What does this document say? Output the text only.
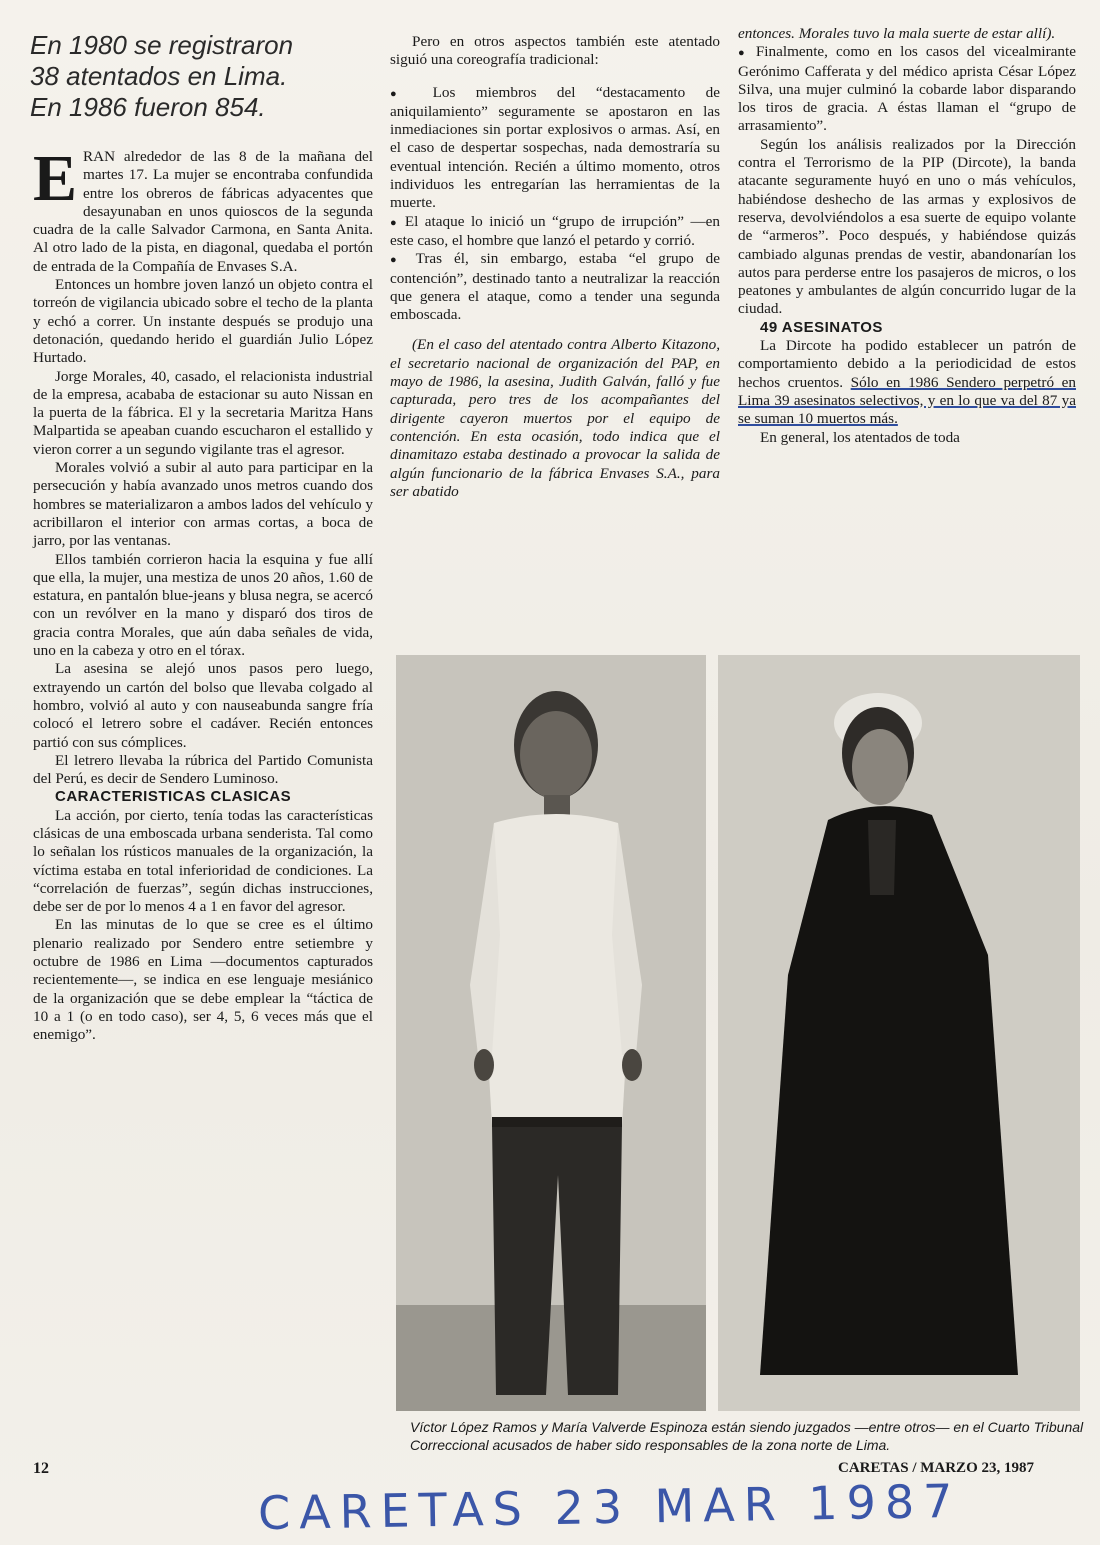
En 1980 se registraron
38 atentados en Lima.
En 1986 fueron 854.

ERAN alrededor de las 8 de la mañana del martes 17. La mujer se encontraba confundida entre los obreros de fábricas adyacentes que desayunaban en unos quioscos de la segunda cuadra de la calle Salvador Carmona, en Santa Anita. Al otro lado de la pista, en diagonal, quedaba el portón de entrada de la Compañía de Envases S.A.

Entonces un hombre joven lanzó un objeto contra el torreón de vigilancia ubicado sobre el techo de la planta y echó a correr. Un instante después se produjo una detonación, quedando herido el guardián Julio López Hurtado.

Jorge Morales, 40, casado, el relacionista industrial de la empresa, acababa de estacionar su auto Nissan en la puerta de la fábrica. El y la secretaria Maritza Hans Malpartida se apeaban cuando escucharon el estallido y vieron correr a un segundo vigilante tras el agresor.

Morales volvió a subir al auto para participar en la persecución y había avanzado unos metros cuando dos hombres se materializaron a ambos lados del vehículo y acribillaron el interior con armas cortas, a boca de jarro, por las ventanas.

Ellos también corrieron hacia la esquina y fue allí que ella, la mujer, una mestiza de unos 20 años, 1.60 de estatura, en pantalón blue-jeans y blusa negra, se acercó con un revólver en la mano y disparó dos tiros de gracia contra Morales, que aún daba señales de vida, uno en la cabeza y otro en el tórax.

La asesina se alejó unos pasos pero luego, extrayendo un cartón del bolso que llevaba colgado al hombro, volvió al auto y con nauseabunda sangre fría colocó el letrero sobre el cadáver. Recién entonces partió con sus cómplices.

El letrero llevaba la rúbrica del Partido Comunista del Perú, es decir de Sendero Luminoso.

CARACTERISTICAS CLASICAS

La acción, por cierto, tenía todas las características clásicas de una emboscada urbana senderista. Tal como lo señalan los rústicos manuales de la organización, la víctima estaba en total inferioridad de condiciones. La “correlación de fuerzas”, según dichas instrucciones, debe ser de por lo menos 4 a 1 en favor del agresor.

En las minutas de lo que se cree es el último plenario realizado por Sendero entre setiembre y octubre de 1986 en Lima —documentos capturados recientemente—, se indica en ese lenguaje mesiánico de la organización que se debe emplear la “táctica de 10 a 1 (o en todo caso), ser 4, 5, 6 veces más que el enemigo”.

Pero en otros aspectos también este atentado siguió una coreografía tradicional:

● Los miembros del “destacamento de aniquilamiento” seguramente se apostaron en las inmediaciones sin portar explosivos o armas. Así, en el caso de despertar sospechas, nada demostraría su eventual intención. Recién a último momento, otros individuos les entregarían las herramientas de la muerte.

● El ataque lo inició un “grupo de irrupción” —en este caso, el hombre que lanzó el petardo y corrió.

● Tras él, sin embargo, estaba “el grupo de contención”, destinado tanto a neutralizar la reacción que genera el ataque, como a tender una segunda emboscada.

(En el caso del atentado contra Alberto Kitazono, el secretario nacional de organización del PAP, en mayo de 1986, la asesina, Judith Galván, falló y fue capturada, pero tres de los acompañantes del dirigente cayeron muertos por el equipo de contención. En esta ocasión, todo indica que el dinamitazo estaba destinado a provocar la salida de algún funcionario de la fábrica Envases S.A., para ser abatido

entonces. Morales tuvo la mala suerte de estar allí).

● Finalmente, como en los casos del vicealmirante Gerónimo Cafferata y del médico aprista César López Silva, una mujer culminó la cobarde labor disparando los tiros de gracia. A éstas llaman el “grupo de arrasamiento”.

Según los análisis realizados por la Dirección contra el Terrorismo de la PIP (Dircote), la banda atacante seguramente huyó en uno o más vehículos, habiéndose deshecho de las armas y explosivos de reserva, devolviéndolos a esa suerte de equipo volante de “armeros”. Poco después, y habiéndose quizás cambiado algunas prendas de vestir, abandonarían los autos para perderse entre los pasajeros de micros, o los peatones y ambulantes de algún concurrido lugar de la ciudad.

49 ASESINATOS

La Dircote ha podido establecer un patrón de comportamiento debido a la periodicidad de estos hechos cruentos. Sólo en 1986 Sendero perpetró en Lima 39 asesinatos selectivos, y en lo que va del 87 ya se suman 10 muertos más.

En general, los atentados de toda

Víctor López Ramos y María Valverde Espinoza están siendo juzgados —entre otros— en el Cuarto Tribunal Correccional acusados de haber sido responsables de la zona norte de Lima.
12	CARETAS / MARZO 23, 1987
CARETAS 23 MAR 1987
